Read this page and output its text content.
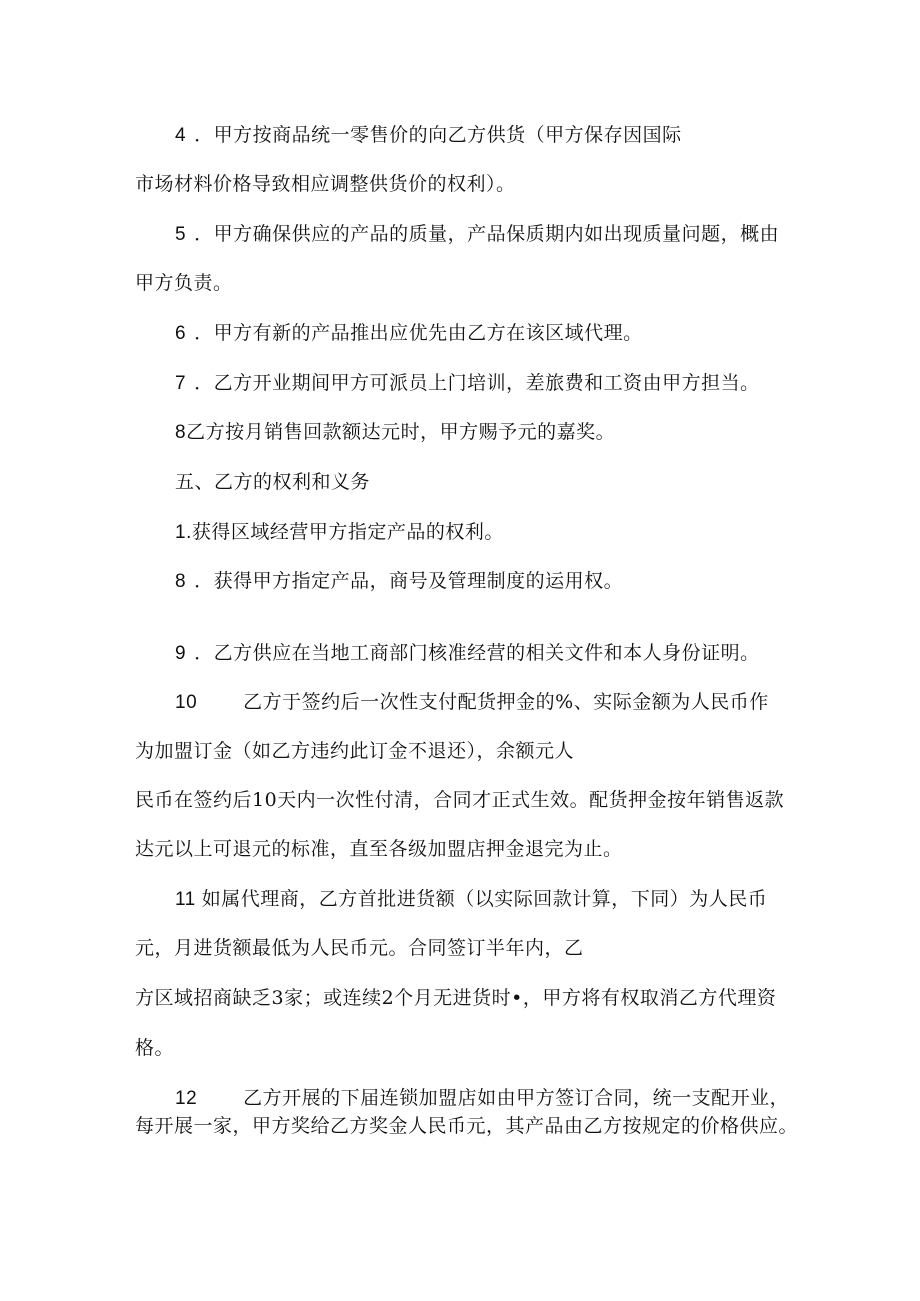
4 ．甲方按商品统一零售价的向乙方供货（甲方保存因国际
市场材料价格导致相应调整供货价的权利）。
5 ．甲方确保供应的产品的质量，产品保质期内如出现质量问题，概由
甲方负责。
6 ．甲方有新的产品推出应优先由乙方在该区域代理。
7 ．乙方开业期间甲方可派员上门培训，差旅费和工资由甲方担当。
8乙方按月销售回款额达元时，甲方赐予元的嘉奖。
五、乙方的权利和义务
1.获得区域经营甲方指定产品的权利。
8 ．获得甲方指定产品，商号及管理制度的运用权。
9 ．乙方供应在当地工商部门核准经营的相关文件和本人身份证明。
10 乙方于签约后一次性支付配货押金的%、实际金额为人民币作
为加盟订金（如乙方违约此订金不退还），余额元人
民币在签约后10天内一次性付清，合同才正式生效。配货押金按年销售返款
达元以上可退元的标准，直至各级加盟店押金退完为止。
11 如属代理商，乙方首批进货额（以实际回款计算，下同）为人民币
元，月进货额最低为人民币元。合同签订半年内，乙
方区域招商缺乏3家；或连续2个月无进货时•，甲方将有权取消乙方代理资
格。
12 乙方开展的下届连锁加盟店如由甲方签订合同，统一支配开业，
每开展一家，甲方奖给乙方奖金人民币元，其产品由乙方按规定的价格供应。
